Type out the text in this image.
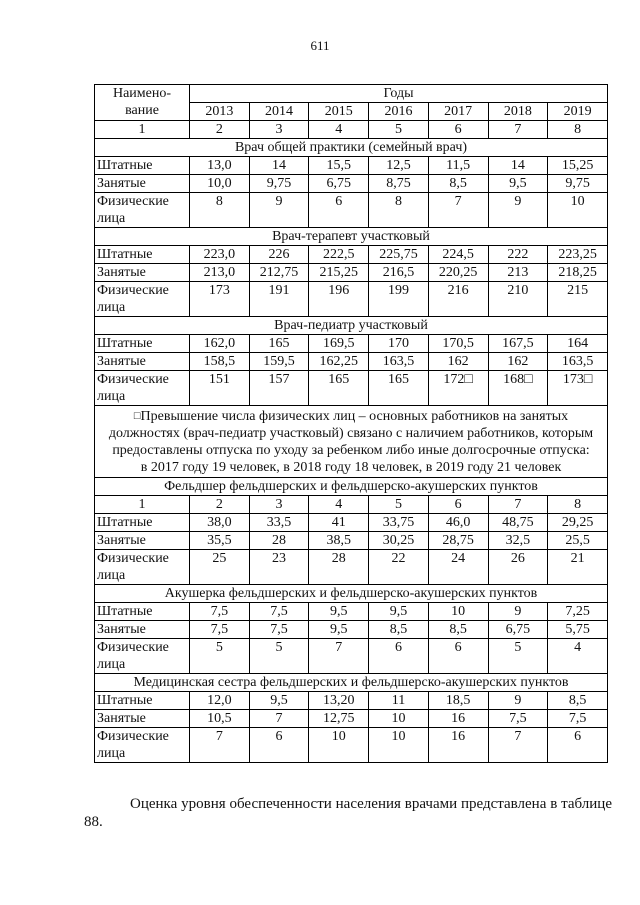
611
Наимено-
вание	Годы						
	2013	2014	2015	2016	2017	2018	2019
1	2	3	4	5	6	7	8
Врач общей практики (семейный врач)							
Штатные	13,0	14	15,5	12,5	11,5	14	15,25
Занятые	10,0	9,75	6,75	8,75	8,5	9,5	9,75
Физические лица	8	9	6	8	7	9	10
Врач-терапевт участковый							
Штатные	223,0	226	222,5	225,75	224,5	222	223,25
Занятые	213,0	212,75	215,25	216,5	220,25	213	218,25
Физические лица	173	191	196	199	216	210	215
Врач-педиатр участковый							
Штатные	162,0	165	169,5	170	170,5	167,5	164
Занятые	158,5	159,5	162,25	163,5	162	162	163,5
Физические лица	151	157	165	165	172□	168□	173□
□Превышение числа физических лиц – основных работников на занятых должностях (врач-педиатр участковый) связано с наличием работников, которым предоставлены отпуска по уходу за ребенком либо иные долгосрочные отпуска:
в 2017 году 19 человек, в 2018 году 18 человек, в 2019 году 21 человек							
Фельдшер фельдшерских и фельдшерско-акушерских пунктов							
1	2	3	4	5	6	7	8
Штатные	38,0	33,5	41	33,75	46,0	48,75	29,25
Занятые	35,5	28	38,5	30,25	28,75	32,5	25,5
Физические лица	25	23	28	22	24	26	21
Акушерка фельдшерских и фельдшерско-акушерских пунктов							
Штатные	7,5	7,5	9,5	9,5	10	9	7,25
Занятые	7,5	7,5	9,5	8,5	8,5	6,75	5,75
Физические лица	5	5	7	6	6	5	4
Медицинская сестра фельдшерских и фельдшерско-акушерских пунктов							
Штатные	12,0	9,5	13,20	11	18,5	9	8,5
Занятые	10,5	7	12,75	10	16	7,5	7,5
Физические лица	7	6	10	10	16	7	6
Оценка уровня обеспеченности населения врачами представлена в таблице 88.
